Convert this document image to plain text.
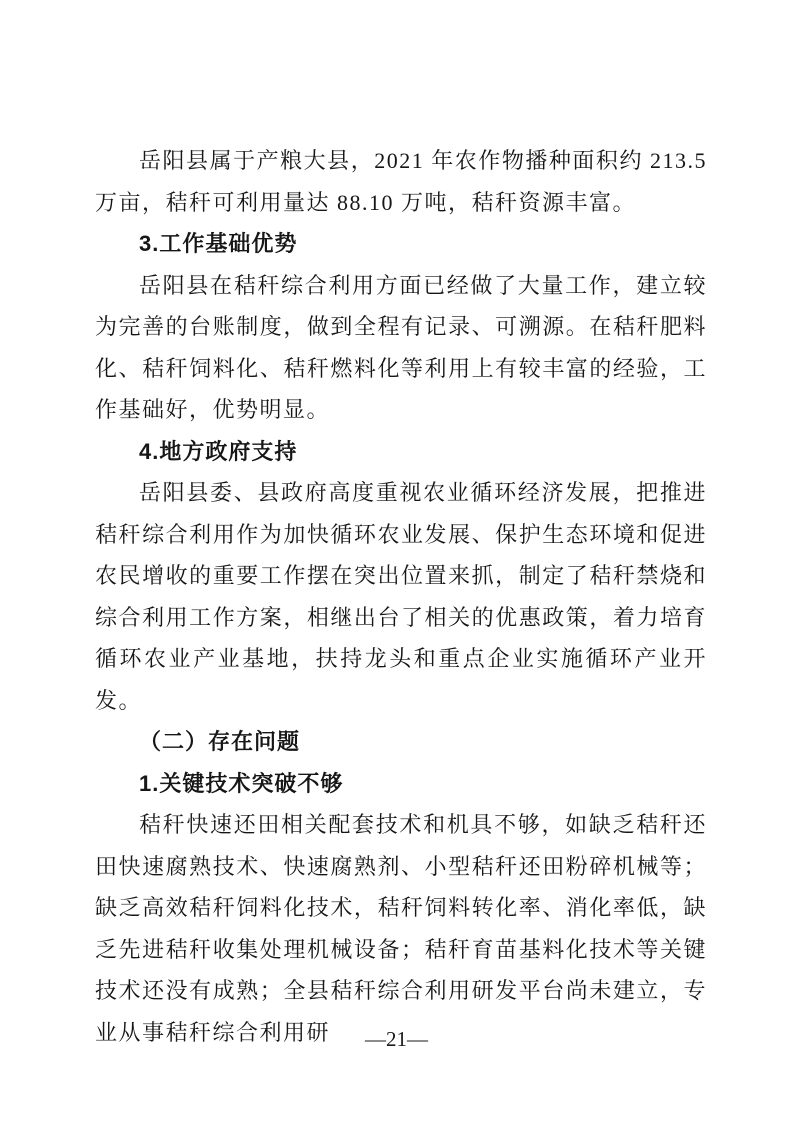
岳阳县属于产粮大县，2021 年农作物播种面积约 213.5 万亩，秸秆可利用量达 88.10 万吨，秸秆资源丰富。

3.工作基础优势

岳阳县在秸秆综合利用方面已经做了大量工作，建立较为完善的台账制度，做到全程有记录、可溯源。在秸秆肥料化、秸秆饲料化、秸秆燃料化等利用上有较丰富的经验，工作基础好，优势明显。

4.地方政府支持

岳阳县委、县政府高度重视农业循环经济发展，把推进秸秆综合利用作为加快循环农业发展、保护生态环境和促进农民增收的重要工作摆在突出位置来抓，制定了秸秆禁烧和综合利用工作方案，相继出台了相关的优惠政策，着力培育循环农业产业基地，扶持龙头和重点企业实施循环产业开发。

（二）存在问题

1.关键技术突破不够

秸秆快速还田相关配套技术和机具不够，如缺乏秸秆还田快速腐熟技术、快速腐熟剂、小型秸秆还田粉碎机械等；缺乏高效秸秆饲料化技术，秸秆饲料转化率、消化率低，缺乏先进秸秆收集处理机械设备；秸秆育苗基料化技术等关键技术还没有成熟；全县秸秆综合利用研发平台尚未建立，专业从事秸秆综合利用研	—21—
